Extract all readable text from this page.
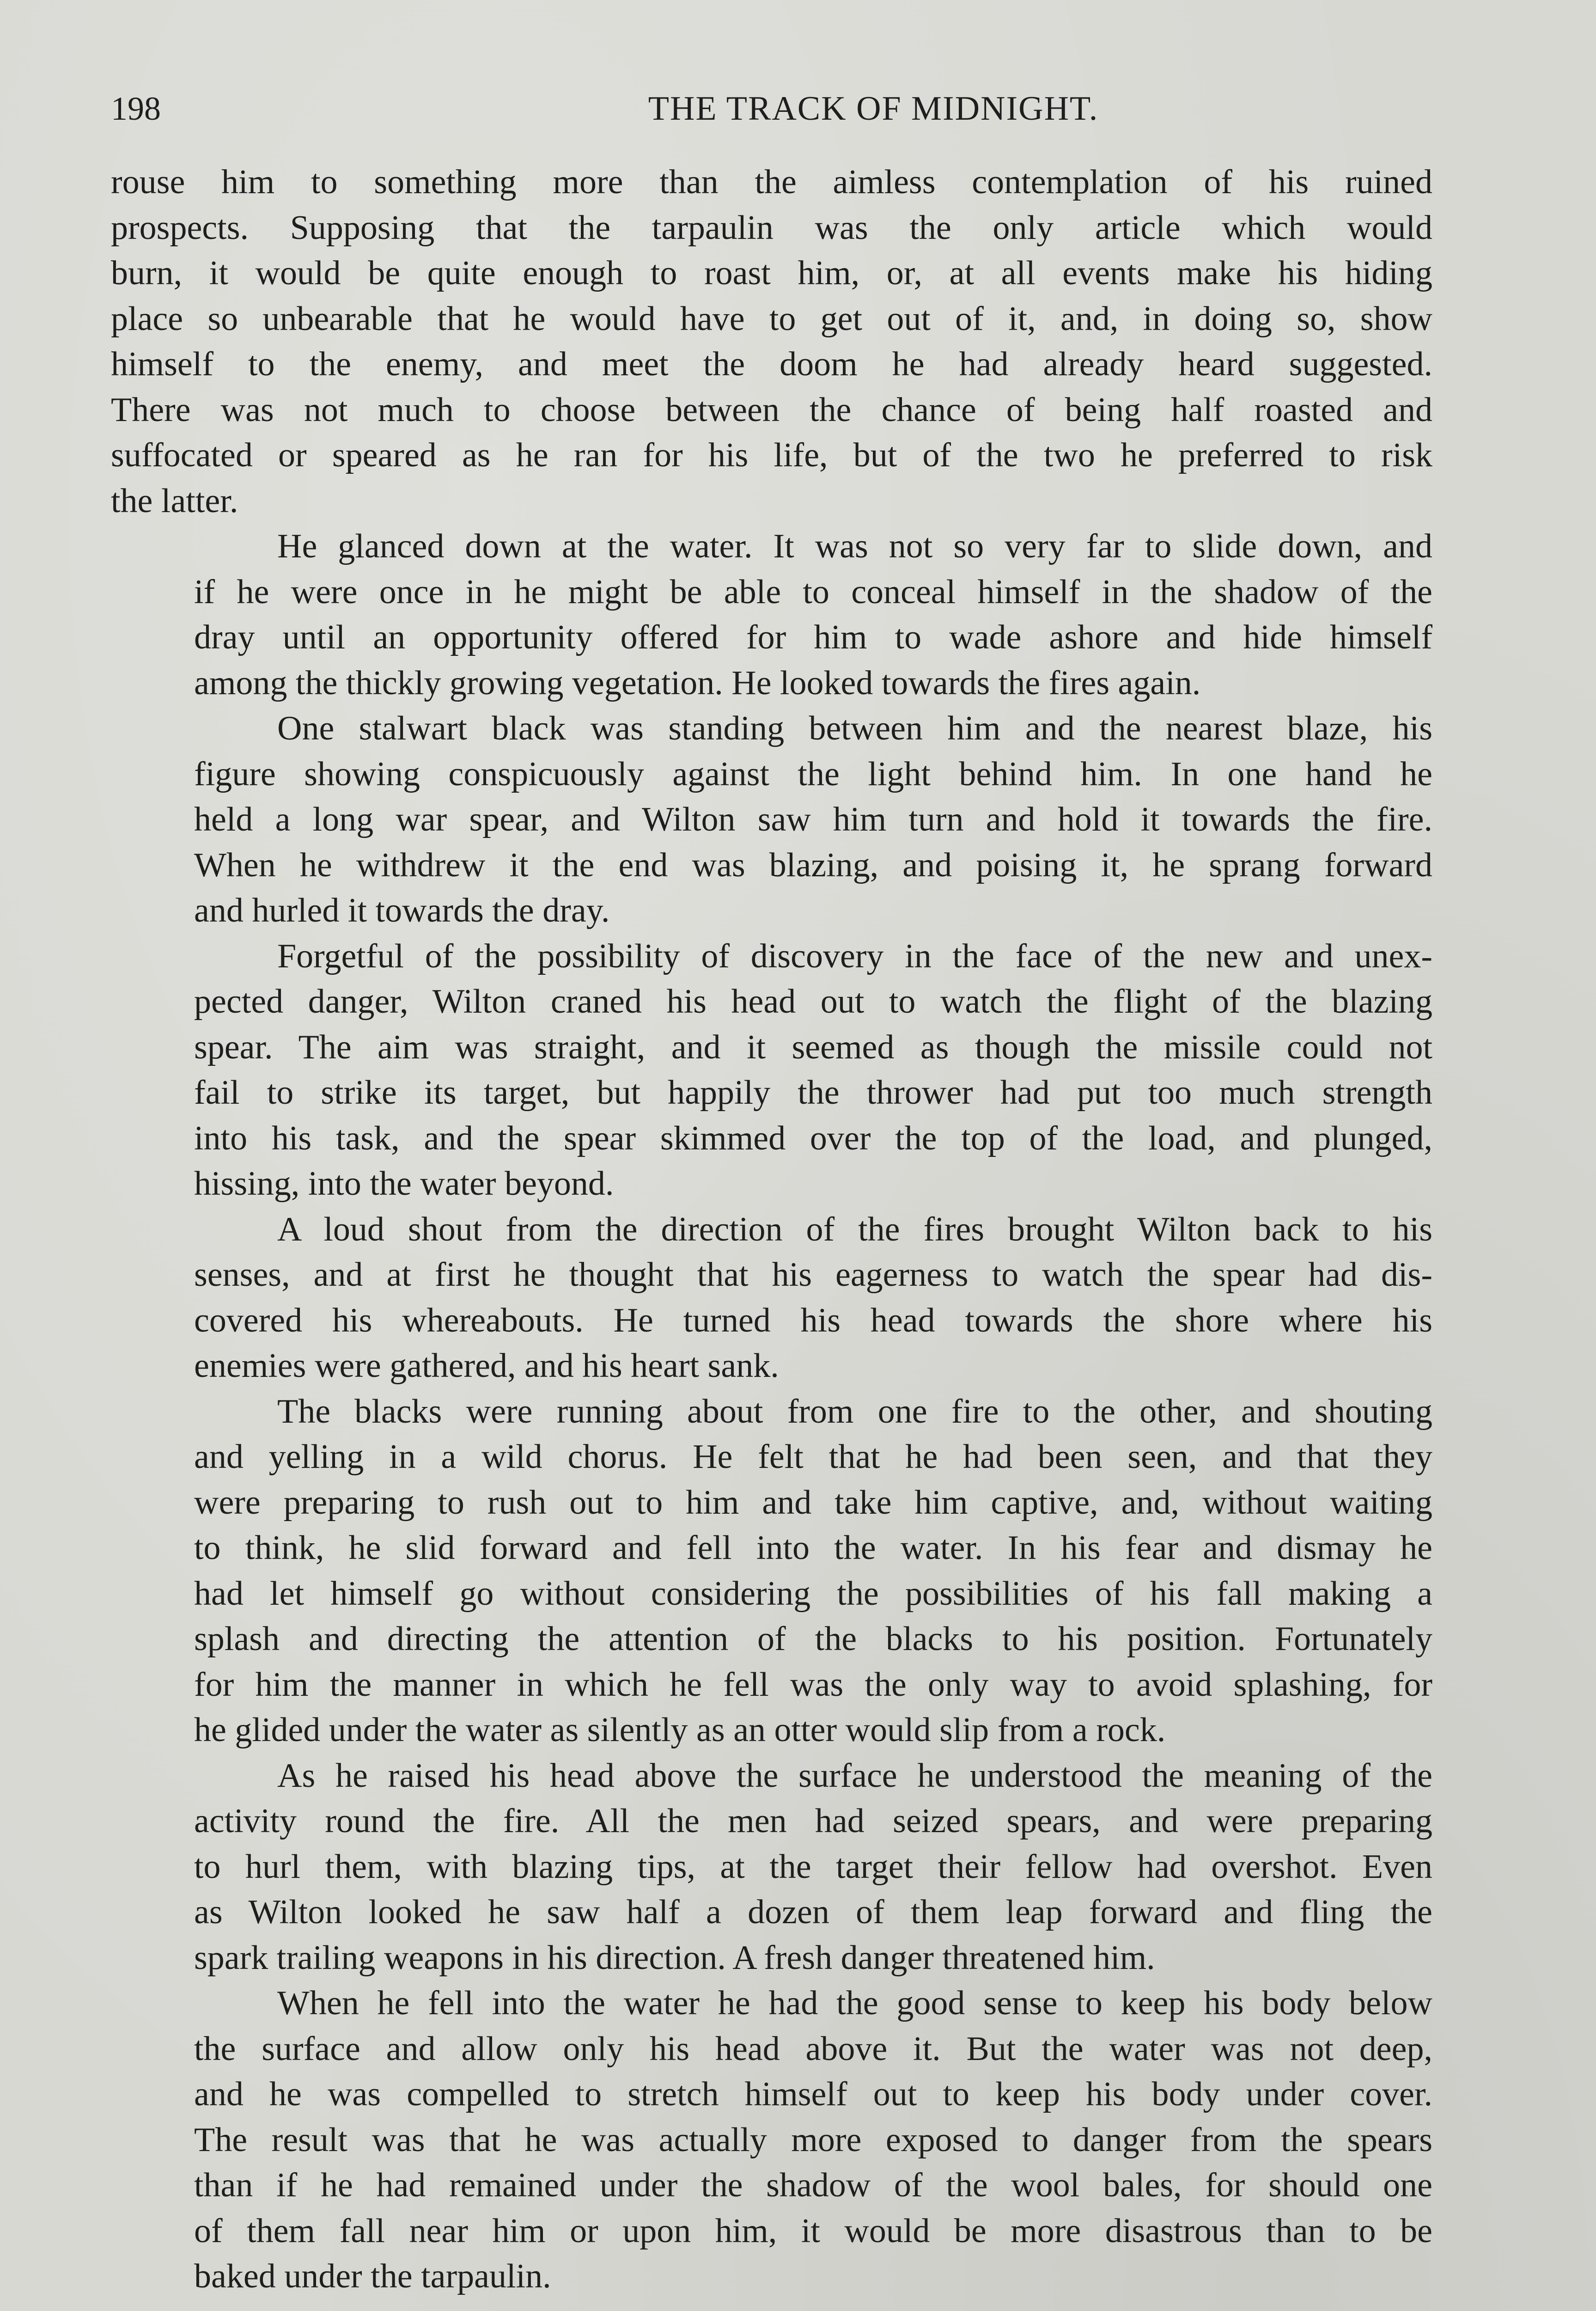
198	THE TRACK OF MIDNIGHT.

rouse him to something more than the aimless contemplation of his ruined
prospects. Supposing that the tarpaulin was the only article which would
burn, it would be quite enough to roast him, or, at all events make his hiding
place so unbearable that he would have to get out of it, and, in doing so, show
himself to the enemy, and meet the doom he had already heard suggested.
There was not much to choose between the chance of being half roasted and
suffocated or speared as he ran for his life, but of the two he preferred to risk
the latter.

He glanced down at the water. It was not so very far to slide down, and
if he were once in he might be able to conceal himself in the shadow of the
dray until an opportunity offered for him to wade ashore and hide himself
among the thickly growing vegetation. He looked towards the fires again.

One stalwart black was standing between him and the nearest blaze, his
figure showing conspicuously against the light behind him. In one hand he
held a long war spear, and Wilton saw him turn and hold it towards the fire.
When he withdrew it the end was blazing, and poising it, he sprang forward
and hurled it towards the dray.

Forgetful of the possibility of discovery in the face of the new and unex-
pected danger, Wilton craned his head out to watch the flight of the blazing
spear. The aim was straight, and it seemed as though the missile could not
fail to strike its target, but happily the thrower had put too much strength
into his task, and the spear skimmed over the top of the load, and plunged,
hissing, into the water beyond.

A loud shout from the direction of the fires brought Wilton back to his
senses, and at first he thought that his eagerness to watch the spear had dis-
covered his whereabouts. He turned his head towards the shore where his
enemies were gathered, and his heart sank.

The blacks were running about from one fire to the other, and shouting
and yelling in a wild chorus. He felt that he had been seen, and that they
were preparing to rush out to him and take him captive, and, without waiting
to think, he slid forward and fell into the water. In his fear and dismay he
had let himself go without considering the possibilities of his fall making a
splash and directing the attention of the blacks to his position. Fortunately
for him the manner in which he fell was the only way to avoid splashing, for
he glided under the water as silently as an otter would slip from a rock.

As he raised his head above the surface he understood the meaning of the
activity round the fire. All the men had seized spears, and were preparing
to hurl them, with blazing tips, at the target their fellow had overshot. Even
as Wilton looked he saw half a dozen of them leap forward and fling the
spark trailing weapons in his direction. A fresh danger threatened him.

When he fell into the water he had the good sense to keep his body below
the surface and allow only his head above it. But the water was not deep,
and he was compelled to stretch himself out to keep his body under cover.
The result was that he was actually more exposed to danger from the spears
than if he had remained under the shadow of the wool bales, for should one
of them fall near him or upon him, it would be more disastrous than to be
baked under the tarpaulin.
